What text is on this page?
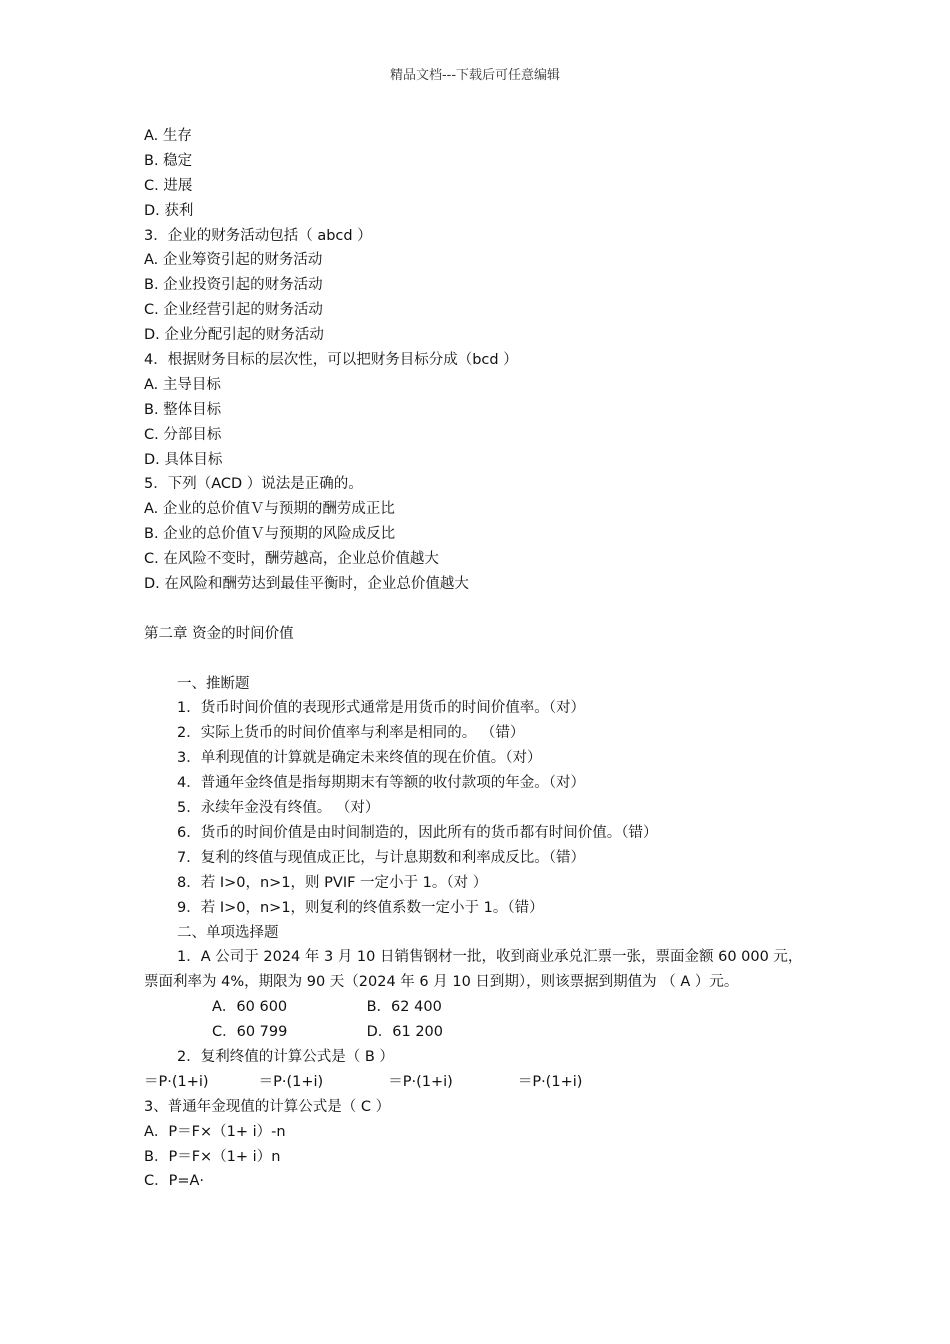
精品文档---下载后可任意编辑
A. 生存
B. 稳定
C. 进展
D. 获利
3．企业的财务活动包括（ abcd ）
A. 企业筹资引起的财务活动
B. 企业投资引起的财务活动
C. 企业经营引起的财务活动
D. 企业分配引起的财务活动
4．根据财务目标的层次性，可以把财务目标分成（bcd ）
A. 主导目标
B. 整体目标
C. 分部目标
D. 具体目标
5．下列（ACD ）说法是正确的。
A. 企业的总价值Ｖ与预期的酬劳成正比
B. 企业的总价值Ｖ与预期的风险成反比
C. 在风险不变时，酬劳越高，企业总价值越大
D. 在风险和酬劳达到最佳平衡时，企业总价值越大
第二章 资金的时间价值
一、推断题
1．货币时间价值的表现形式通常是用货币的时间价值率。（对）
2．实际上货币的时间价值率与利率是相同的。 （错）
3．单利现值的计算就是确定未来终值的现在价值。（对）
4．普通年金终值是指每期期末有等额的收付款项的年金。（对）
5．永续年金没有终值。 （对）
6．货币的时间价值是由时间制造的，因此所有的货币都有时间价值。（错）
7．复利的终值与现值成正比，与计息期数和利率成反比。（错）
8．若 I>0，n>1，则 PVIF 一定小于 1。（对 ）
9．若 I>0，n>1，则复利的终值系数一定小于 1。（错）
二、单项选择题
1．A 公司于 2024 年 3 月 10 日销售钢材一批，收到商业承兑汇票一张，票面金额 60 000 元，票面利率为 4%，期限为 90 天（2024 年 6 月 10 日到期），则该票据到期值为 （ A ）元。
A．60 600	B．62 400
C．60 799	D．61 200
2．复利终值的计算公式是（ B ）
＝P·(1+i)	＝P·(1+i)	＝P·(1+i)	＝P·(1+i)
3、普通年金现值的计算公式是（ C ）
A．P＝F×（1+ i）-n
B．P＝F×（1+ i）n
C．P=A·
